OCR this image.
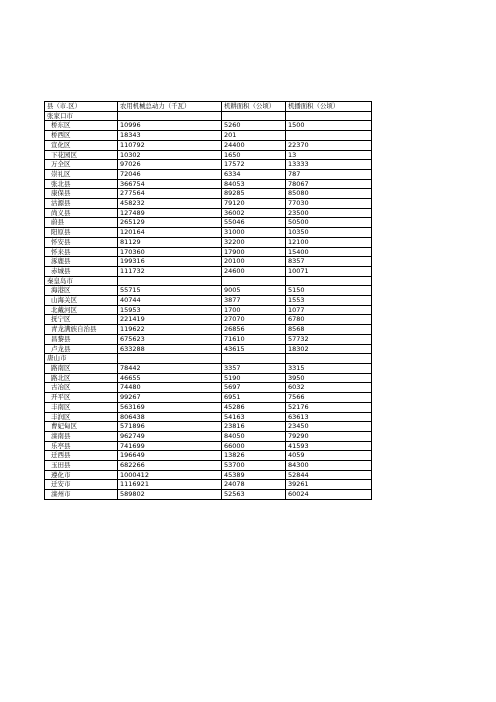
县（市.区）	农用机械总动力（千瓦）	机耕面积（公顷）	机播面积（公顷）
张家口市			
桥东区	10996	5260	1500
桥西区	18343	201	
宣化区	110792	24400	22370
下花园区	10302	1650	13
万全区	97026	17572	13333
崇礼区	72046	6334	787
张北县	366754	84053	78067
康保县	277564	89285	85080
沽源县	458232	79120	77030
尚义县	127489	36002	23500
蔚县	265129	55046	50500
阳原县	120164	31000	10350
怀安县	81129	32200	12100
怀来县	170360	17900	15400
涿鹿县	199316	20100	8357
赤城县	111732	24600	10071
秦皇岛市			
海港区	55715	9005	5150
山海关区	40744	3877	1553
北戴河区	15953	1700	1077
抚宁区	221419	27070	6780
青龙满族自治县	119622	26856	8568
昌黎县	675623	71610	57732
卢龙县	633288	43615	18302
唐山市			
路南区	78442	3357	3315
路北区	46655	5190	3950
古冶区	74480	5697	6032
开平区	99267	6951	7566
丰南区	563169	45286	52176
丰润区	806438	54163	63613
曹妃甸区	571896	23816	23450
滦南县	962749	84050	79290
乐亭县	741699	66000	41593
迁西县	196649	13826	4059
玉田县	682266	53700	84300
遵化市	1000412	45389	52844
迁安市	1116921	24078	39261
滦州市	589802	52563	60024
